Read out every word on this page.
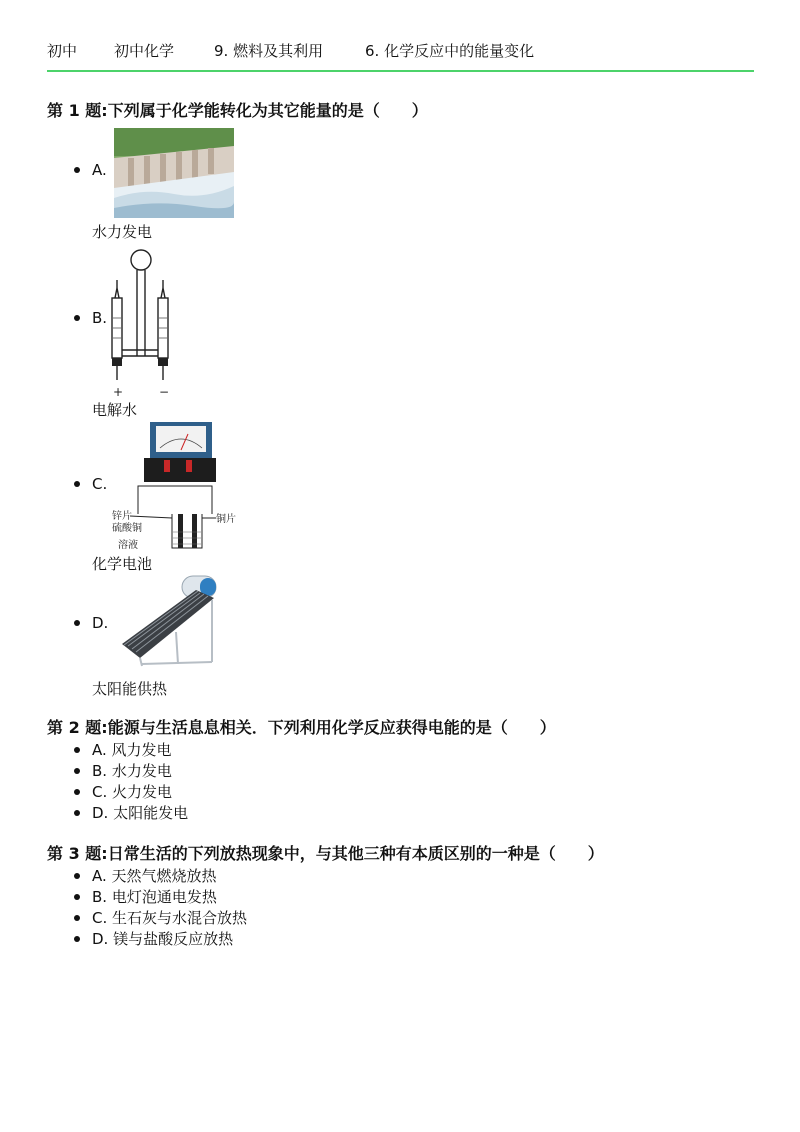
初中 初中化学	9. 燃料及其利用	6. 化学反应中的能量变化
第 1 题:下列属于化学能转化为其它能量的是（　　）
A.
B.
C.
D.
水力发电
+	−
电解水
锌片
硫酸铜
溶液
铜片
化学电池
太阳能供热
第 2 题:能源与生活息息相关．下列利用化学反应获得电能的是（　　）
A. 风力发电
B. 水力发电
C. 火力发电
D. 太阳能发电
第 3 题:日常生活的下列放热现象中，与其他三种有本质区别的一种是（　　）
A. 天然气燃烧放热
B. 电灯泡通电发热
C. 生石灰与水混合放热
D. 镁与盐酸反应放热
